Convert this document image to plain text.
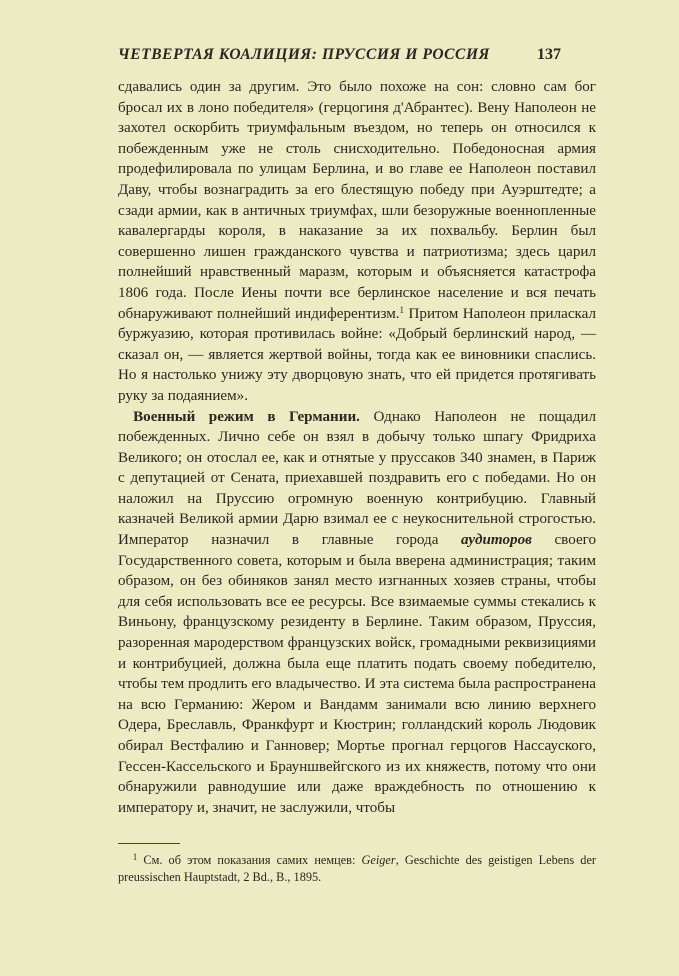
ЧЕТВЕРТАЯ КОАЛИЦИЯ: ПРУССИЯ И РОССИЯ	137

сдавались один за другим. Это было похоже на сон: словно сам бог бросал их в лоно победителя» (герцогиня д'Абрантес). Вену Наполеон не захотел оскорбить триумфальным въездом, но теперь он относился к побежденным уже не столь снисходительно. Победоносная армия продефилировала по улицам Берлина, и во главе ее Наполеон поставил Даву, чтобы вознаградить за его блестящую победу при Ауэрштедте; а сзади армии, как в античных триумфах, шли безоружные военнопленные кавалергарды короля, в наказание за их похвальбу. Берлин был совершенно лишен гражданского чувства и патриотизма; здесь царил полнейший нравственный маразм, которым и объясняется катастрофа 1806 года. После Иены почти все берлинское население и вся печать обнаруживают полнейший индиферентизм.$^1$ Притом Наполеон приласкал буржуазию, которая противилась войне: «Добрый берлинский народ, — сказал он, — является жертвой войны, тогда как ее виновники спаслись. Но я настолько унижу эту дворцовую знать, что ей придется протягивать руку за подаянием».

Военный режим в Германии. Однако Наполеон не пощадил побежденных. Лично себе он взял в добычу только шпагу Фридриха Великого; он отослал ее, как и отнятые у пруссаков 340 знамен, в Париж с депутацией от Сената, приехавшей поздравить его с победами. Но он наложил на Пруссию огромную военную контрибуцию. Главный казначей Великой армии Дарю взимал ее с неукоснительной строгостью. Император назначил в главные города аудиторов своего Государственного совета, которым и была вверена администрация; таким образом, он без обиняков занял место изгнанных хозяев страны, чтобы для себя использовать все ее ресурсы. Все взимаемые суммы стекались к Виньону, французскому резиденту в Берлине. Таким образом, Пруссия, разоренная мародерством французских войск, громадными реквизициями и контрибуцией, должна была еще платить подать своему победителю, чтобы тем продлить его владычество. И эта система была распространена на всю Германию: Жером и Вандамм занимали всю линию верхнего Одера, Бреславль, Франкфурт и Кюстрин; голландский король Людовик обирал Вестфалию и Ганновер; Мортье прогнал герцогов Нассауского, Гессен-Кассельского и Брауншвейгского из их княжеств, потому что они обнаружили равнодушие или даже враждебность по отношению к императору и, значит, не заслужили, чтобы

$^1$ См. об этом показания самих немцев: Geiger, Geschichte des geistigen Lebens der preussischen Hauptstadt, 2 Bd., B., 1895.
